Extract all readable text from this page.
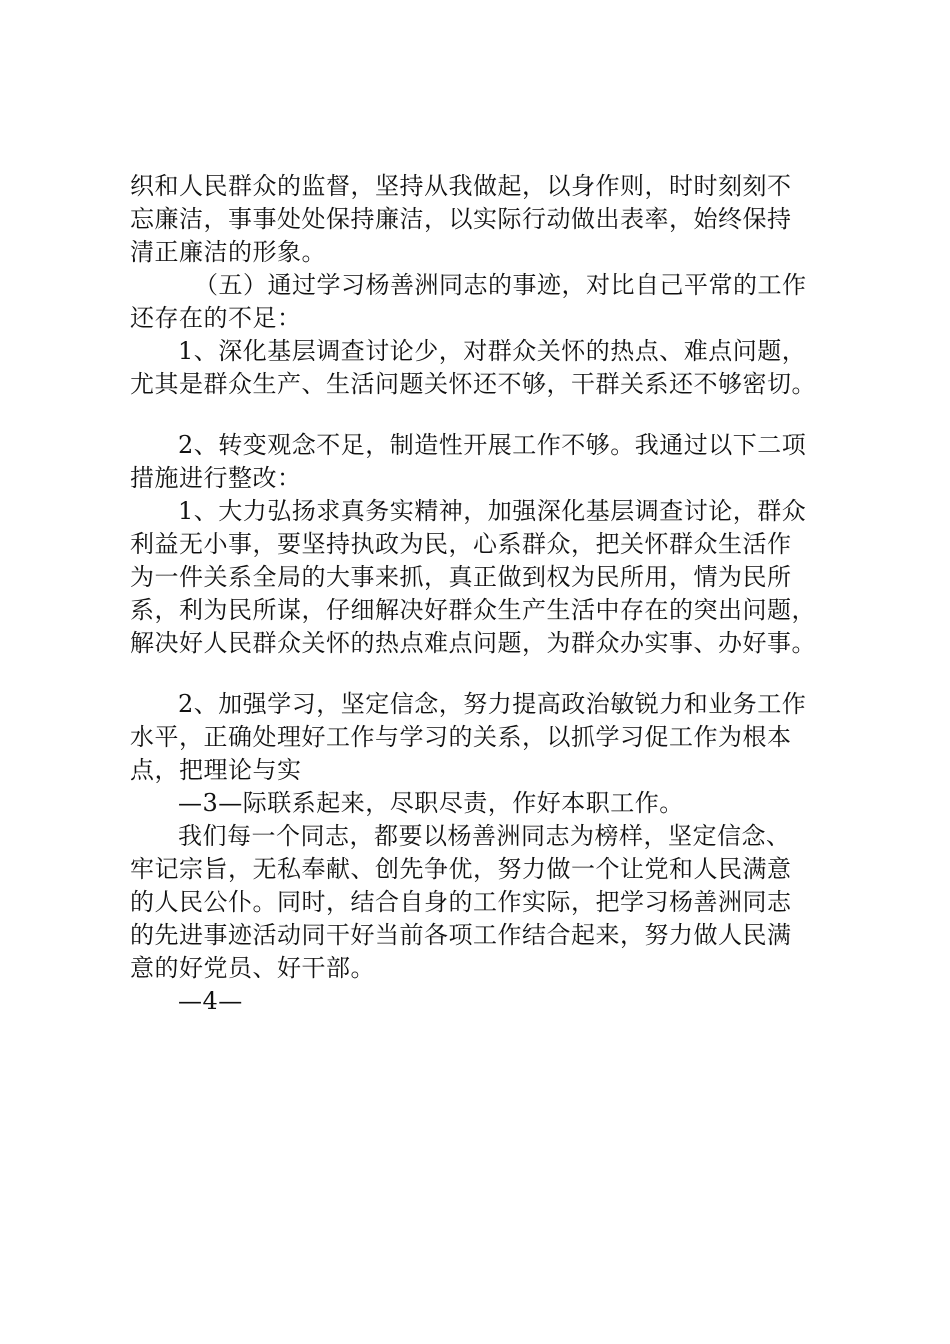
织和人民群众的监督，坚持从我做起，以身作则，时时刻刻不
忘廉洁，事事处处保持廉洁，以实际行动做出表率，始终保持
清正廉洁的形象。

（五）通过学习杨善洲同志的事迹，对比自己平常的工作
还存在的不足：

1、深化基层调查讨论少，对群众关怀的热点、难点问题，
尤其是群众生产、生活问题关怀还不够，干群关系还不够密切。

2、转变观念不足，制造性开展工作不够。我通过以下二项
措施进行整改：

1、大力弘扬求真务实精神，加强深化基层调查讨论，群众
利益无小事，要坚持执政为民，心系群众，把关怀群众生活作
为一件关系全局的大事来抓，真正做到权为民所用，情为民所
系，利为民所谋，仔细解决好群众生产生活中存在的突出问题，
解决好人民群众关怀的热点难点问题，为群众办实事、办好事。

2、加强学习，坚定信念，努力提高政治敏锐力和业务工作
水平，正确处理好工作与学习的关系，以抓学习促工作为根本
点，把理论与实

—3—际联系起来，尽职尽责，作好本职工作。

我们每一个同志，都要以杨善洲同志为榜样，坚定信念、
牢记宗旨，无私奉献、创先争优，努力做一个让党和人民满意
的人民公仆。同时，结合自身的工作实际，把学习杨善洲同志
的先进事迹活动同干好当前各项工作结合起来，努力做人民满
意的好党员、好干部。

—4—
